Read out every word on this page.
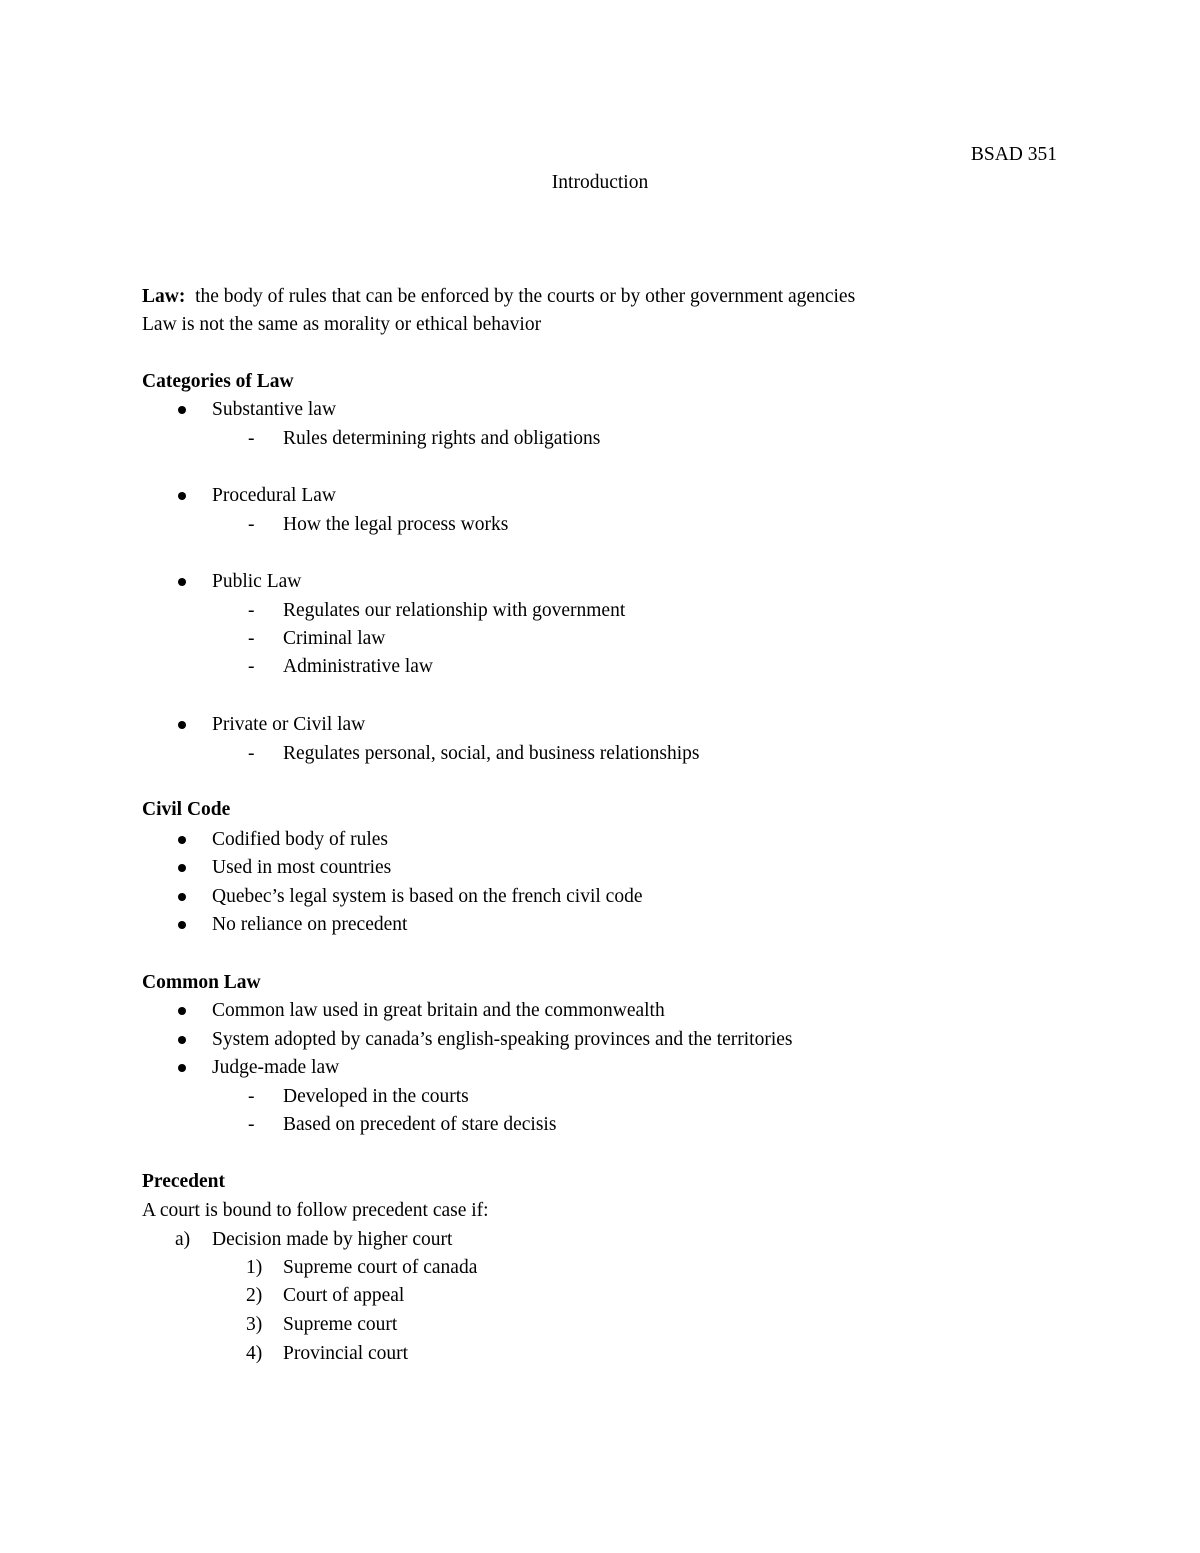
BSAD 351
Introduction
Law: the body of rules that can be enforced by the courts or by other government agencies
Law is not the same as morality or ethical behavior
Categories of Law
Substantive law
- Rules determining rights and obligations
Procedural Law
- How the legal process works
Public Law
- Regulates our relationship with government
- Criminal law
- Administrative law
Private or Civil law
- Regulates personal, social, and business relationships
Civil Code
Codified body of rules
Used in most countries
Quebec’s legal system is based on the french civil code
No reliance on precedent
Common Law
Common law used in great britain and the commonwealth
System adopted by canada’s english-speaking provinces and the territories
Judge-made law
- Developed in the courts
- Based on precedent of stare decisis
Precedent
A court is bound to follow precedent case if:
a) Decision made by higher court
1) Supreme court of canada
2) Court of appeal
3) Supreme court
4) Provincial court
